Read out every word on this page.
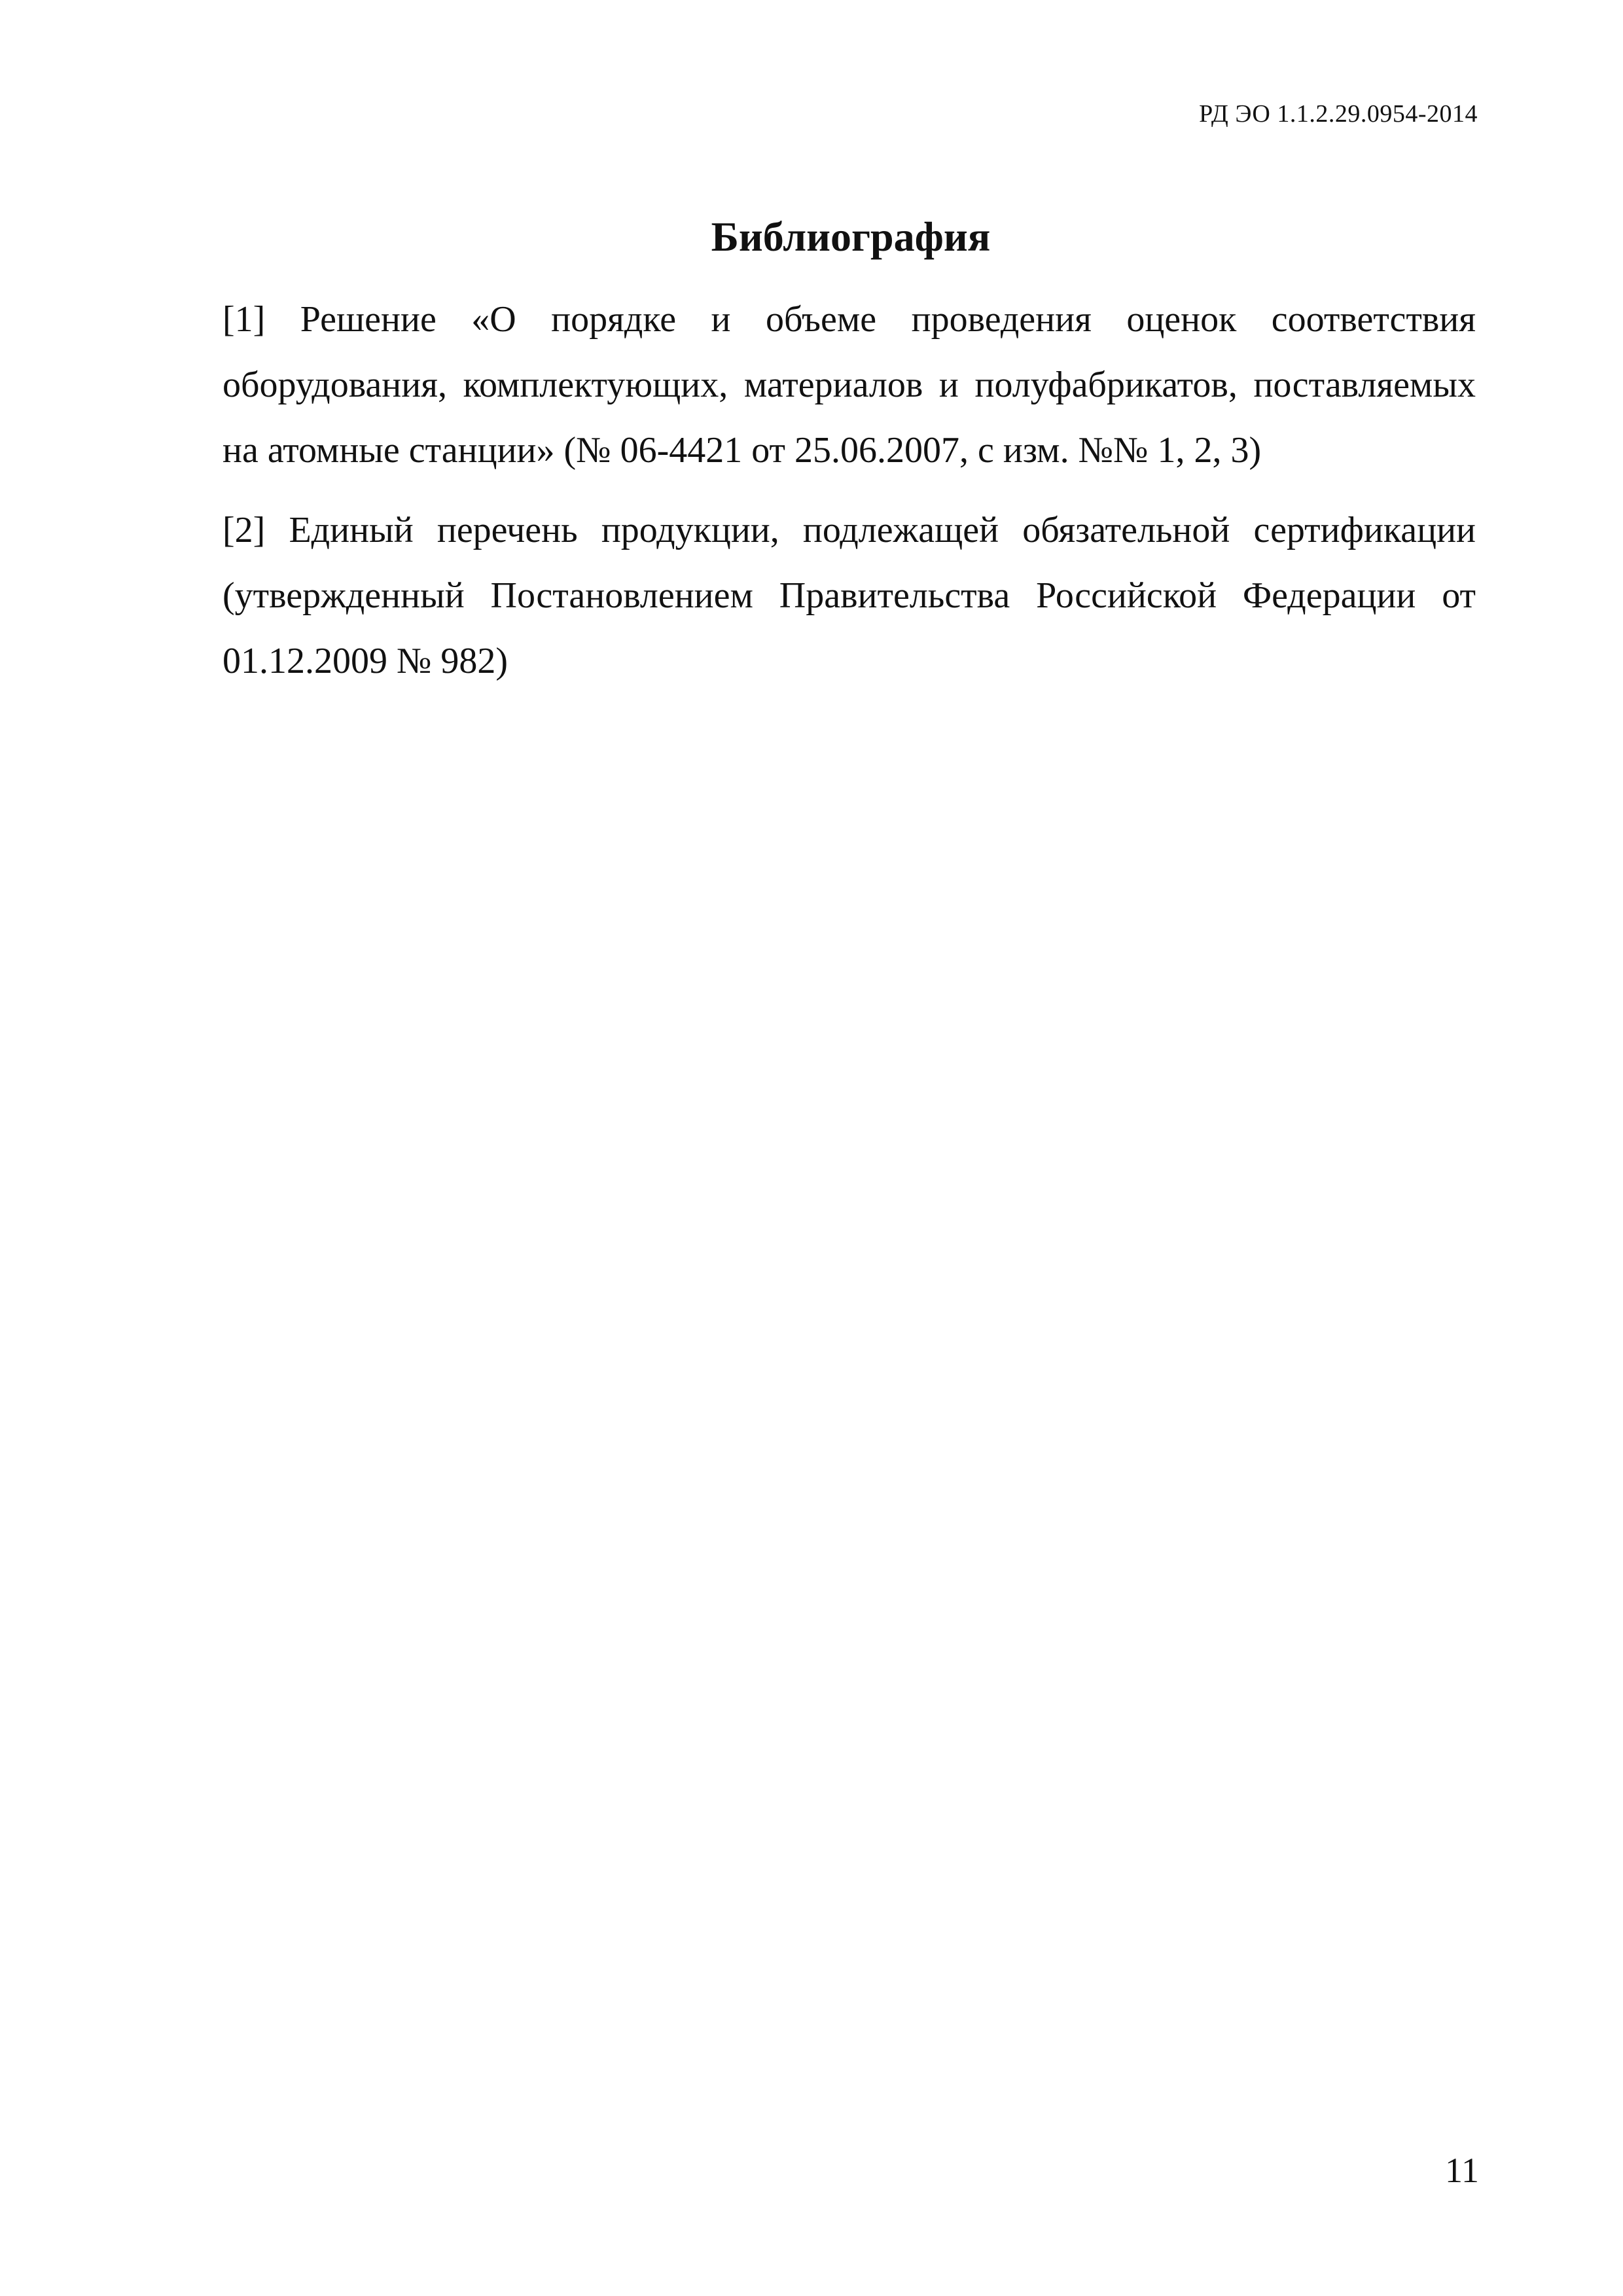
РД ЭО 1.1.2.29.0954-2014
Библиография

[1] Решение «О порядке и объеме проведения оценок соответствия оборудования, комплектующих, материалов и полуфабрикатов, поставляемых на атомные станции» (№ 06-4421 от 25.06.2007, с изм. №№ 1, 2, 3)

[2] Единый перечень продукции, подлежащей обязательной сертификации (утвержденный Постановлением Правительства Российской Федерации от 01.12.2009 № 982)

11
